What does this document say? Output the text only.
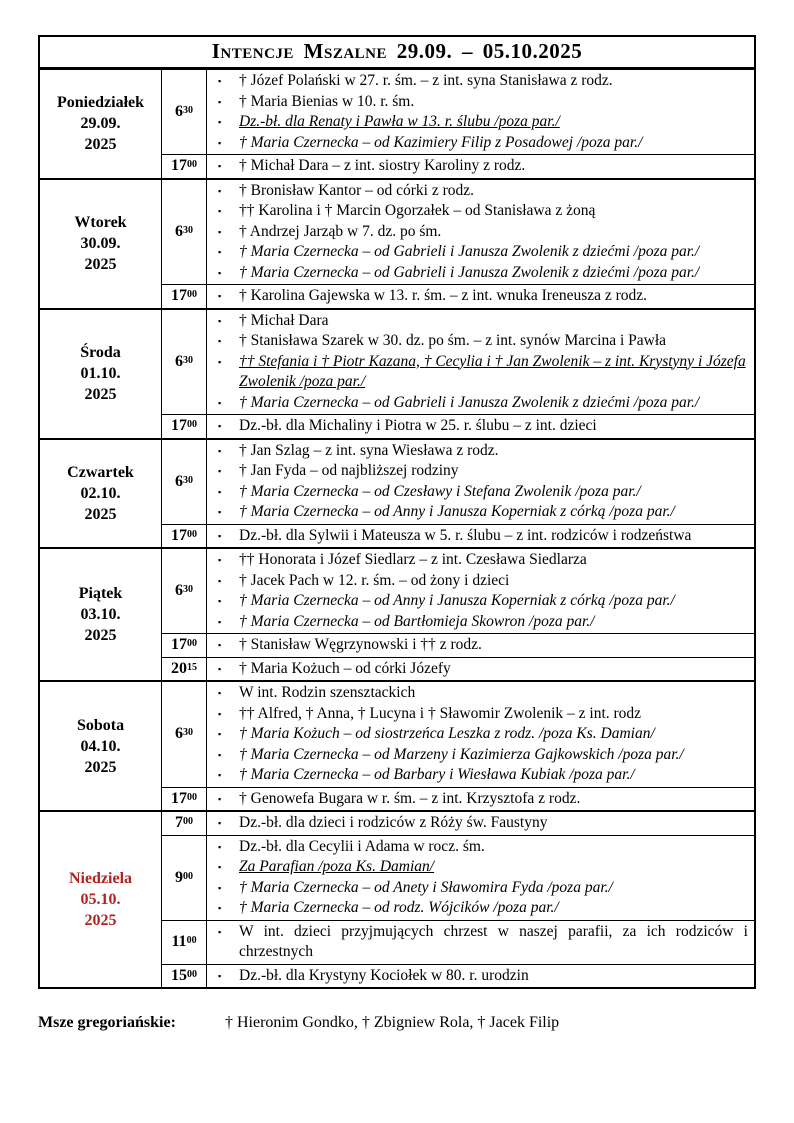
Intencje Mszalne 29.09. – 05.10.2025
Poniedziałek
29.09.
2025
$6^{30}$
▪ † Józef Polański w 27. r. śm. – z int. syna Stanisława z rodz.
▪ † Maria Bienias w 10. r. śm.
▪ Dz.-bł. dla Renaty i Pawła w 13. r. ślubu /poza par./
▪ † Maria Czernecka – od Kazimiery Filip z Posadowej /poza par./
$17^{00}$ ▪ † Michał Dara – z int. siostry Karoliny z rodz.
Wtorek
30.09.
2025
$6^{30}$
▪ † Bronisław Kantor – od córki z rodz.
▪ †† Karolina i † Marcin Ogorzałek – od Stanisława z żoną
▪ † Andrzej Jarząb w 7. dz. po śm.
▪ † Maria Czernecka – od Gabrieli i Janusza Zwolenik z dziećmi /poza par./
▪ † Maria Czernecka – od Gabrieli i Janusza Zwolenik z dziećmi /poza par./
$17^{00}$ ▪ † Karolina Gajewska w 13. r. śm. – z int. wnuka Ireneusza z rodz.
Środa
01.10.
2025
$6^{30}$
▪ † Michał Dara
▪ † Stanisława Szarek w 30. dz. po śm. – z int. synów Marcina i Pawła
▪ †† Stefania i † Piotr Kazana, † Cecylia i † Jan Zwolenik – z int. Krystyny i Józefa Zwolenik /poza par./
▪ † Maria Czernecka – od Gabrieli i Janusza Zwolenik z dziećmi /poza par./
$17^{00}$ ▪ Dz.-bł. dla Michaliny i Piotra w 25. r. ślubu – z int. dzieci
Czwartek
02.10.
2025
$6^{30}$
▪ † Jan Szlag – z int. syna Wiesława z rodz.
▪ † Jan Fyda – od najbliższej rodziny
▪ † Maria Czernecka – od Czesławy i Stefana Zwolenik /poza par./
▪ † Maria Czernecka – od Anny i Janusza Koperniak z córką /poza par./
$17^{00}$ ▪ Dz.-bł. dla Sylwii i Mateusza w 5. r. ślubu – z int. rodziców i rodzeństwa
Piątek
03.10.
2025
$6^{30}$
▪ †† Honorata i Józef Siedlarz – z int. Czesława Siedlarza
▪ † Jacek Pach w 12. r. śm. – od żony i dzieci
▪ † Maria Czernecka – od Anny i Janusza Koperniak z córką /poza par./
▪ † Maria Czernecka – od Bartłomieja Skowron /poza par./
$17^{00}$ ▪ † Stanisław Węgrzynowski i †† z rodz.
$20^{15}$ ▪ † Maria Kożuch – od córki Józefy
Sobota
04.10.
2025
$6^{30}$
▪ W int. Rodzin szensztackich
▪ †† Alfred, † Anna, † Lucyna i † Sławomir Zwolenik – z int. rodz
▪ † Maria Kożuch – od siostrzeńca Leszka z rodz. /poza Ks. Damian/
▪ † Maria Czernecka – od Marzeny i Kazimierza Gajkowskich /poza par./
▪ † Maria Czernecka – od Barbary i Wiesława Kubiak /poza par./
$17^{00}$ ▪ † Genowefa Bugara w r. śm. – z int. Krzysztofa z rodz.
Niedziela
05.10.
2025
$7^{00}$	▪ Dz.-bł. dla dzieci i rodziców z Róży św. Faustyny
$9^{00}$
▪ Dz.-bł. dla Cecylii i Adama w rocz. śm.
▪ Za Parafian /poza Ks. Damian/
▪ † Maria Czernecka – od Anety i Sławomira Fyda /poza par./
▪ † Maria Czernecka – od rodz. Wójcików /poza par./
$11^{00}$
▪ W int. dzieci przyjmujących chrzest w naszej parafii, za ich rodziców i chrzestnych
$15^{00}$ ▪ Dz.-bł. dla Krystyny Kociołek w 80. r. urodzin
Msze gregoriańskie:	† Hieronim Gondko, † Zbigniew Rola, † Jacek Filip
